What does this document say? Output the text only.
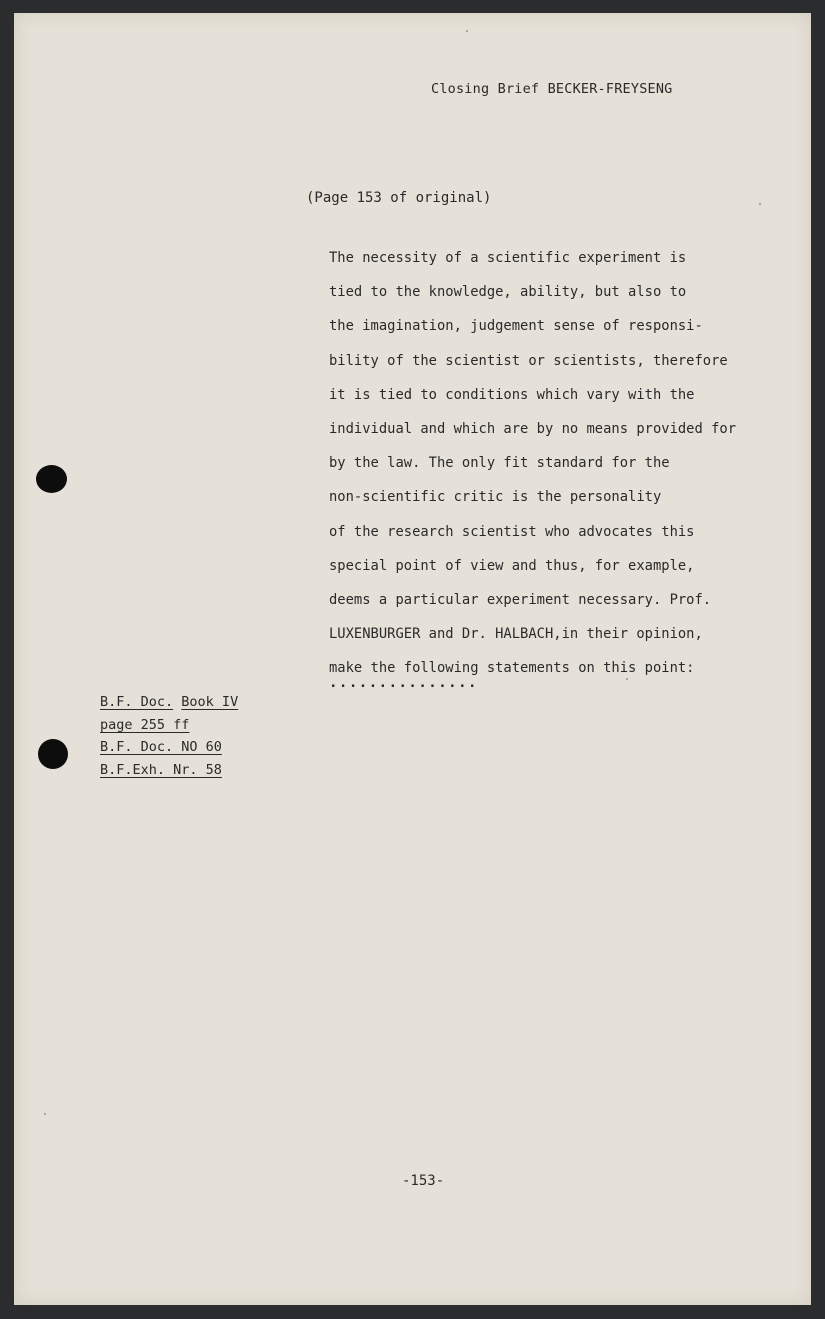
Closing Brief BECKER-FREYSENG
(Page 153 of original)
The necessity of a scientific experiment is
tied to the knowledge, ability, but also to
the imagination, judgement sense of responsi-
bility of the scientist or scientists, therefore
it is tied to conditions which vary with the
individual and which are by no means provided for
by the law. The only fit standard for the
non-scientific critic is the personality
of the research scientist who advocates this
special point of view and thus, for example,
deems a particular experiment necessary. Prof.
LUXENBURGER and Dr. HALBACH,in their opinion,
make the following statements on this point:
...............
B.F. Doc. Book IV
page 255 ff
B.F. Doc. NO 60
B.F.Exh. Nr. 58
-153-
